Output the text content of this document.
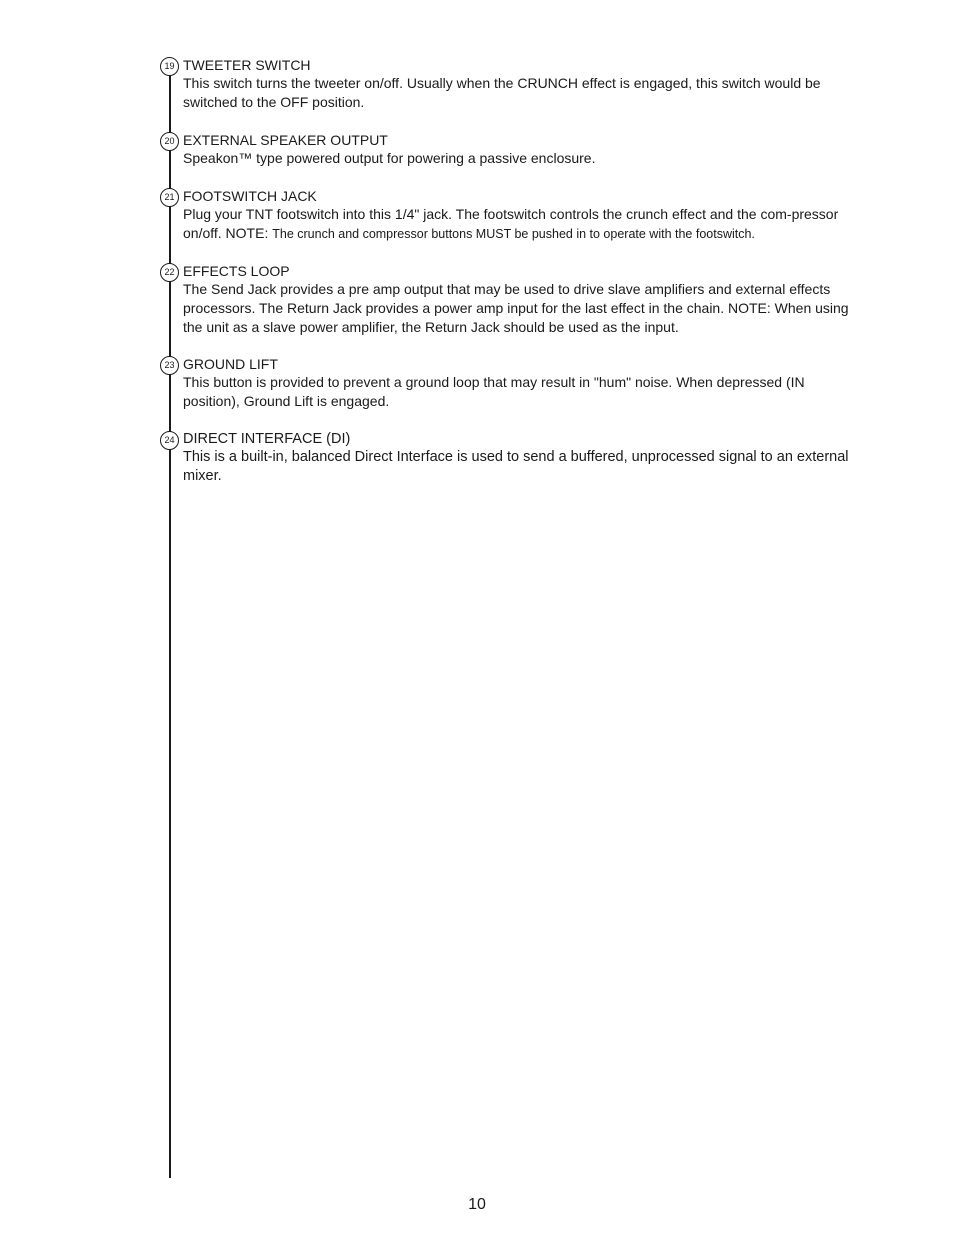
19 TWEETER SWITCH

This switch turns the tweeter on/off. Usually when the CRUNCH effect is engaged, this switch would be switched to the OFF position.

20 EXTERNAL SPEAKER OUTPUT

Speakon™ type powered output for powering a passive enclosure.

21 FOOTSWITCH JACK

Plug your TNT footswitch into this 1/4" jack. The footswitch controls the crunch effect and the com-pressor on/off. NOTE: The crunch and compressor buttons MUST be pushed in to operate with the footswitch.

22 EFFECTS LOOP

The Send Jack provides a pre amp output that may be used to drive slave amplifiers and external effects processors. The Return Jack provides a power amp input for the last effect in the chain. NOTE: When using the unit as a slave power amplifier, the Return Jack should be used as the input.

23 GROUND LIFT

This button is provided to prevent a ground loop that may result in "hum" noise. When depressed (IN position), Ground Lift is engaged.

24 DIRECT INTERFACE (DI)

This is a built-in, balanced Direct Interface is used to send a buffered, unprocessed signal to an external mixer.

10
